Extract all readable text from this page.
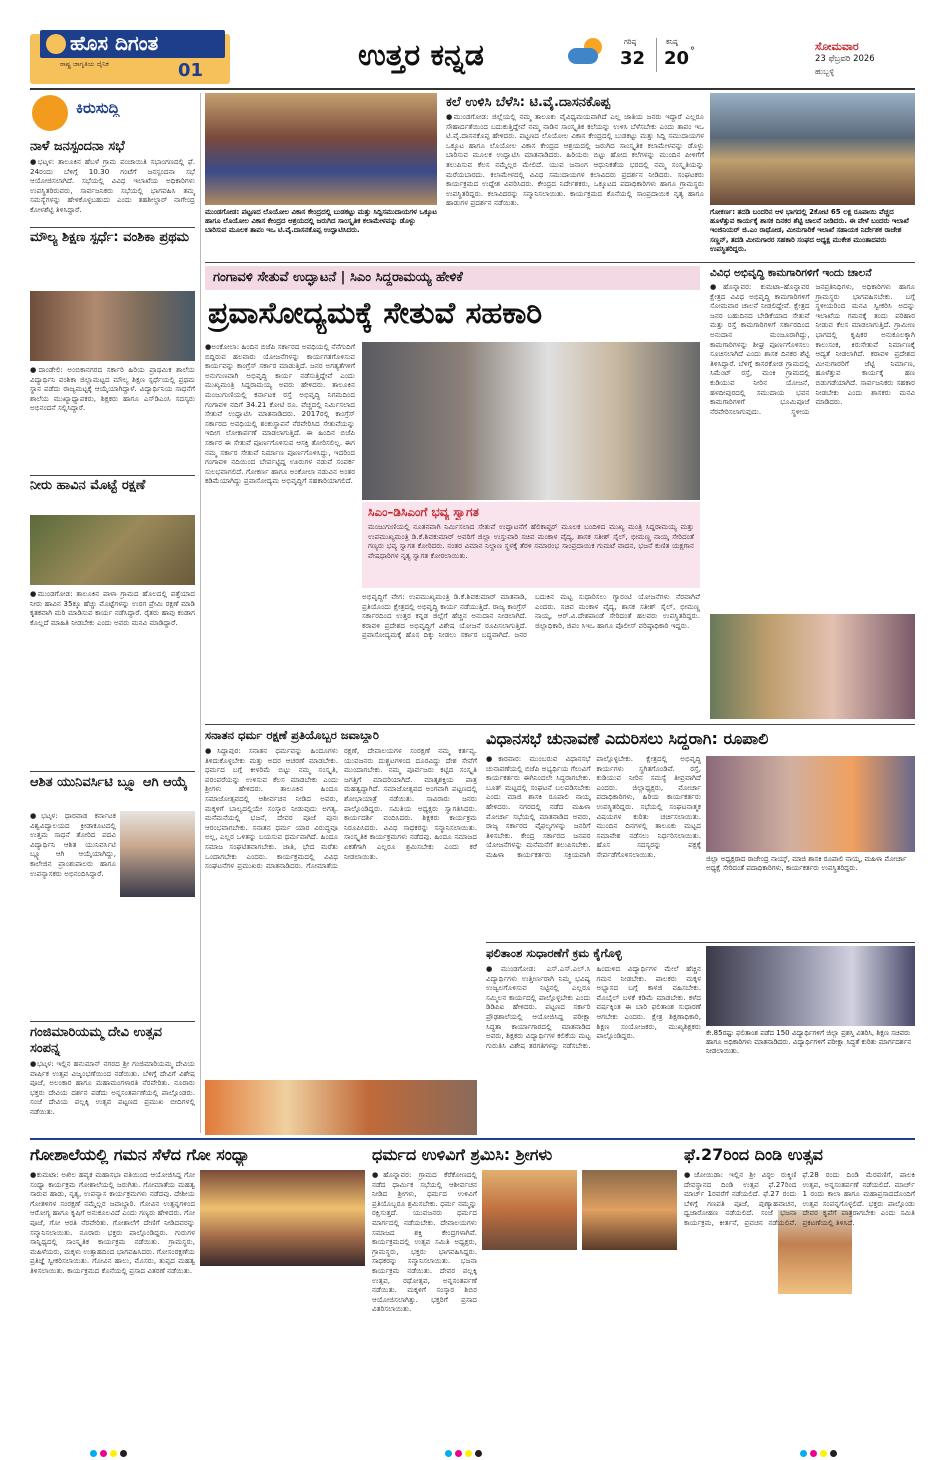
ಹೊಸ ದಿಗಂತ
ರಾಷ್ಟ್ರ ಜಾಗೃತಿಯ ದೈನಿಕ	01	ಉತ್ತರ ಕನ್ನಡ	ಗರಿಷ್ಠ
32
ಕನಿಷ್ಠ
20 °	ಸೋಮವಾರ
23 ಫೆಬ್ರವರಿ 2026
ಹುಬ್ಬಳ್ಳಿ
ಕಿರುಸುದ್ದಿ
ನಾಳೆ ಜನಸ್ಪಂದನಾ ಸಭೆ
●ಭಟ್ಕಳ: ತಾಲೂಕಿನ ಹೆಬಳೆ ಗ್ರಾಮ ಪಂಚಾಯಿತಿ ಸಭಾಂಗಣದಲ್ಲಿ ಫೆ. 24ರಂದು ಬೆಳಿಗ್ಗೆ 10.30 ಗಂಟೆಗೆ ಜನಸ್ಪಂದನಾ ಸಭೆ ಆಯೋಜಿಸಲಾಗಿದೆ. ಸಭೆಯಲ್ಲಿ ವಿವಿಧ ಇಲಾಖೆಯ ಅಧಿಕಾರಿಗಳು ಉಪಸ್ಥಿತರಿರುವರು, ಸಾರ್ವಜನಿಕರು ಸಭೆಯಲ್ಲಿ ಭಾಗವಹಿಸಿ ತಮ್ಮ ಸಮಸ್ಯೆಗಳನ್ನು ಹೇಳಿಕೊಳ್ಳಬಹುದು ಎಂದು ತಹಶೀಲ್ದಾರ್ ನಾಗೇಂದ್ರ ಕೋಳಶೆಟ್ಟಿ ತಿಳಿಸಿದ್ದಾರೆ.
ಮೌಲ್ಯ ಶಿಕ್ಷಣ ಸ್ಪರ್ಧೆ: ವಂಶಿಕಾ ಪ್ರಥಮ
●ದಾಂಡೇಲಿ: ಅಂಬಿಕಾನಗರದ ಸರ್ಕಾರಿ ಹಿರಿಯ ಪ್ರಾಥಮಿಕ ಶಾಲೆಯ ವಿದ್ಯಾರ್ಥಿನಿ ವಂಶಿಕಾ ಜಿಲ್ಲಾಮಟ್ಟದ ಮೌಲ್ಯ ಶಿಕ್ಷಣ ಸ್ಪರ್ಧೆಯಲ್ಲಿ ಪ್ರಥಮ ಸ್ಥಾನ ಪಡೆದು ರಾಜ್ಯಮಟ್ಟಕ್ಕೆ ಆಯ್ಕೆಯಾಗಿದ್ದಾಳೆ. ವಿದ್ಯಾರ್ಥಿನಿಯ ಸಾಧನೆಗೆ ಶಾಲೆಯ ಮುಖ್ಯಾಧ್ಯಾಪಕರು, ಶಿಕ್ಷಕರು ಹಾಗೂ ಎಸ್‌ಡಿಎಂಸಿ ಸದಸ್ಯರು ಅಭಿನಂದನೆ ಸಲ್ಲಿಸಿದ್ದಾರೆ.
ನೀರು ಹಾವಿನ ಮೊಟ್ಟೆ ರಕ್ಷಣೆ
●ಮುಂಡಗೋಡ: ತಾಲೂಕಿನ ಪಾಳಾ ಗ್ರಾಮದ ಹೊಲದಲ್ಲಿ ಪತ್ತೆಯಾದ ನೀರು ಹಾವಿನ 35ಕ್ಕೂ ಹೆಚ್ಚು ಮೊಟ್ಟೆಗಳನ್ನು ಉರಗ ಪ್ರೇಮಿ ರಕ್ಷಣೆ ಮಾಡಿ ಕೃತಕವಾಗಿ ಮರಿ ಮಾಡಿಸುವ ಕಾರ್ಯ ನಡೆಸಿದ್ದಾರೆ. ರೈತರು ಹಾವು ಕಂಡಾಗ ಕೊಲ್ಲದೆ ಮಾಹಿತಿ ನೀಡಬೇಕು ಎಂದು ಅವರು ಮನವಿ ಮಾಡಿದ್ದಾರೆ.
ಆಶಿತ ಯುನಿವರ್ಸಿಟಿ ಬ್ಲ್ಯೂ ಆಗಿ ಆಯ್ಕೆ
●ಭಟ್ಕಳ: ಧಾರವಾಡ ಕರ್ನಾಟಕ ವಿಶ್ವವಿದ್ಯಾಲಯದ ಕ್ರೀಡಾಕೂಟದಲ್ಲಿ ಉತ್ತಮ ಸಾಧನೆ ತೋರಿದ ಪದವಿ ವಿದ್ಯಾರ್ಥಿನಿ ಆಶಿತ ಯುನಿವರ್ಸಿಟಿ ಬ್ಲ್ಯೂ ಆಗಿ ಆಯ್ಕೆಯಾಗಿದ್ದು, ಕಾಲೇಜಿನ ಪ್ರಾಂಶುಪಾಲರು ಹಾಗೂ ಉಪನ್ಯಾಸಕರು ಅಭಿನಂದಿಸಿದ್ದಾರೆ.
ಗಂಜಿಮಾರಿಯಮ್ಮ ದೇವಿ ಉತ್ಸವ ಸಂಪನ್ನ
●ಭಟ್ಕಳ: ಇಲ್ಲಿನ ಹನುಮಾನ್ ನಗರದ ಶ್ರೀ ಗಂಜಿಮಾರಿಯಮ್ಮ ದೇವಿಯ ವಾರ್ಷಿಕ ಉತ್ಸವ ವಿಜೃಂಭಣೆಯಿಂದ ನಡೆಯಿತು. ಬೆಳಿಗ್ಗೆ ದೇವಿಗೆ ವಿಶೇಷ ಪೂಜೆ, ಅಲಂಕಾರ ಹಾಗೂ ಮಹಾಮಂಗಳಾರತಿ ನೆರವೇರಿತು. ನೂರಾರು ಭಕ್ತರು ದೇವಿಯ ದರ್ಶನ ಪಡೆದು ಅನ್ನಸಂತರ್ಪಣೆಯಲ್ಲಿ ಪಾಲ್ಗೊಂಡರು. ಸಂಜೆ ದೇವಿಯ ಪಲ್ಲಕ್ಕಿ ಉತ್ಸವ ಪಟ್ಟಣದ ಪ್ರಮುಖ ಬೀದಿಗಳಲ್ಲಿ ನಡೆಯಿತು.
ಮುಂಡಗೋಡ: ಪಟ್ಟಣದ ಲೊಯೋಲ ವಿಕಾಸ ಕೇಂದ್ರದಲ್ಲಿ ಬುಡಕಟ್ಟು ಮತ್ತು ಸಿದ್ದಿಸಮುದಾಯಗಳ ಒಕ್ಕೂಟ ಹಾಗೂ ಲೊಯೋಲ ವಿಕಾಸ ಕೇಂದ್ರದ ಆಶ್ರಯದಲ್ಲಿ ಜರುಗಿದ ಸಾಂಸ್ಕೃತಿಕ ಕಲಾಮೇಳವನ್ನು ಡೊಳ್ಳು ಬಾರಿಸುವ ಮೂಲಕ ತಾಪಂ ಇಒ ಟಿ.ವೈ.ದಾಸನಕೊಪ್ಪ ಉದ್ಘಾಟಿಸಿದರು.
ಕಲೆ ಉಳಿಸಿ ಬೆಳೆಸಿ: ಟಿ.ವೈ.ದಾಸನಕೊಪ್ಪ
●ಮುಂಡಗೋಡ: ಜಿಲ್ಲೆಯಲ್ಲಿ ನಮ್ಮ ತಾಲೂಕು ವೈವಿಧ್ಯಮಯವಾಗಿದೆ ಎಲ್ಲ ಜಾತಿಯ ಜನರು ಇದ್ದಾರೆ ಎಲ್ಲರೂ ಸೌಹಾರ್ದತೆಯಿಂದ ಬದುಕುತ್ತಿದ್ದೇವೆ ನಮ್ಮ ನಾಡಿನ ಸಾಂಸ್ಕೃತಿಕ ಕಲೆಯನ್ನು ಉಳಿಸಿ ಬೆಳೆಸಬೇಕು ಎಂದು ತಾಪಂ ಇಒ ಟಿ.ವೈ.ದಾಸನಕೊಪ್ಪ ಹೇಳಿದರು. ಪಟ್ಟಣದ ಲೊಯೋಲ ವಿಕಾಸ ಕೇಂದ್ರದಲ್ಲಿ ಬುಡಕಟ್ಟು ಮತ್ತು ಸಿದ್ದಿ ಸಮುದಾಯಗಳ ಒಕ್ಕೂಟ ಹಾಗೂ ಲೊಯೋಲ ವಿಕಾಸ ಕೇಂದ್ರದ ಆಶ್ರಯದಲ್ಲಿ ಜರುಗಿದ ಸಾಂಸ್ಕೃತಿಕ ಕಲಾಮೇಳವನ್ನು ಡೊಳ್ಳು ಬಾರಿಸುವ ಮೂಲಕ ಉದ್ಘಾಟಿಸಿ ಮಾತನಾಡಿದರು. ಹಿರಿಯರು ಬಿಟ್ಟು ಹೋದ ಕಲೆಗಳನ್ನು ಮುಂದಿನ ಪೀಳಿಗೆಗೆ ತಲುಪಿಸುವ ಕೆಲಸ ನಮ್ಮೆಲ್ಲರ ಮೇಲಿದೆ. ಯುವ ಜನಾಂಗ ಆಧುನಿಕತೆಯ ಭರದಲ್ಲಿ ನಮ್ಮ ಸಂಸ್ಕೃತಿಯನ್ನು ಮರೆಯಬಾರದು. ಕಲಾಮೇಳದಲ್ಲಿ ವಿವಿಧ ಸಮುದಾಯಗಳ ಕಲಾವಿದರು ಪ್ರದರ್ಶನ ನೀಡಿದರು. ಸಂಘಟಕರು ಕಾರ್ಯಕ್ರಮದ ಉದ್ದೇಶ ವಿವರಿಸಿದರು. ಕೇಂದ್ರದ ನಿರ್ದೇಶಕರು, ಒಕ್ಕೂಟದ ಪದಾಧಿಕಾರಿಗಳು ಹಾಗೂ ಗ್ರಾಮಸ್ಥರು ಉಪಸ್ಥಿತರಿದ್ದರು. ಕಲಾವಿದರನ್ನು ಸನ್ಮಾನಿಸಲಾಯಿತು. ಕಾರ್ಯಕ್ರಮದ ಕೊನೆಯಲ್ಲಿ ಸಾಂಪ್ರದಾಯಿಕ ನೃತ್ಯ ಹಾಗೂ ಹಾಡುಗಳ ಪ್ರದರ್ಶನ ನಡೆಯಿತು.
ಗೋಕರ್ಣ: ತದಡಿ ಬಂದರಿನ ಆಳ ಭಾಗದಲ್ಲಿ 2ಕೋಟಿ 65 ಲಕ್ಷ ರೂಪಾಯಿ ವೆಚ್ಚದ ಹೂಳೆತ್ತುವ ಕಾರ್ಯಕ್ಕೆ ಶಾಸಕ ದಿನಕರ ಶೆಟ್ಟಿ ಚಾಲನೆ ನೀಡಿದರು. ಈ ವೇಳೆ ಬಂದರು ಇಲಾಖೆ ಇಂಜಿನಿಯರ್ ಜಿ.ಎಂ ರಾಥೋಡ, ಮೀನುಗಾರಿಕೆ ಇಲಾಖೆ ಸಹಾಯಕ ನಿರ್ದೇಶಕ ರಾಜೇಶ ಸಣ್ಣನ್, ತದಡಿ ಮೀನುಗಾರರ ಸಹಕಾರಿ ಸಂಘದ ಅಧ್ಯಕ್ಷ ಮುಕೇಶ ಮುಂತಾದವರು ಉಪಸ್ಥಿತರಿದ್ದರು.
ಗಂಗಾವಳಿ ಸೇತುವೆ ಉದ್ಘಾಟನೆ | ಸಿಎಂ ಸಿದ್ದರಾಮಯ್ಯ ಹೇಳಿಕೆ
ಪ್ರವಾಸೋದ್ಯಮಕ್ಕೆ ಸೇತುವೆ ಸಹಕಾರಿ
●ಅಂಕೋಲಾ: ಹಿಂದಿನ ಬಿಜೆಪಿ ಸರ್ಕಾರದ ಅವಧಿಯಲ್ಲಿ ನೆನೆಗುದಿಗೆ ಬಿದ್ದಿರುವ ಹಲವಾರು ಯೋಜನೆಗಳನ್ನು ಕಾರ್ಯಗತಗೊಳಿಸುವ ಕಾರ್ಯವನ್ನು ಕಾಂಗ್ರೆಸ್ ಸರ್ಕಾರ ಮಾಡುತ್ತಿದೆ. ಜನರ ಅಗತ್ಯತೆಗಳಿಗೆ ಅನುಗುಣವಾಗಿ ಅಭಿವೃದ್ಧಿ ಕಾರ್ಯ ನಡೆಸುತ್ತಿದ್ದೇವೆ ಎಂದು ಮುಖ್ಯಮಂತ್ರಿ ಸಿದ್ದರಾಮಯ್ಯ ಅವರು ಹೇಳಿದರು. ತಾಲೂಕಿನ ಮಂಜುಗುಣಿಯಲ್ಲಿ ಕರ್ನಾಟಕ ರಸ್ತೆ ಅಭಿವೃದ್ಧಿ ನಿಗಮದಿಂದ ಗಂಗಾವಳಿ ನದಿಗೆ 34.21 ಕೋಟಿ ರೂ. ವೆಚ್ಚದಲ್ಲಿ ನಿರ್ಮಿಸಲಾದ ಸೇತುವೆ ಉದ್ಘಾಟಿಸಿ ಮಾತನಾಡಿದರು. 2017ರಲ್ಲಿ ಕಾಂಗ್ರೆಸ್ ಸರ್ಕಾರದ ಅವಧಿಯಲ್ಲಿ ಶಂಕುಸ್ಥಾಪನೆ ನೆರವೇರಿಸಿದ ಸೇತುವೆಯನ್ನು ಇದೀಗ ಲೋಕಾರ್ಪಣೆ ಮಾಡಲಾಗುತ್ತಿದೆ. ಈ ಹಿಂದಿನ ಬಿಜೆಪಿ ಸರ್ಕಾರ ಈ ಸೇತುವೆ ಪೂರ್ಣಗೊಳಿಸುವ ಆಸಕ್ತಿ ತೋರಿಸಲಿಲ್ಲ. ಈಗ ನಮ್ಮ ಸರ್ಕಾರ ಸೇತುವೆ ನಿರ್ಮಾಣ ಪೂರ್ಣಗೊಳಿಸಿದ್ದು, ಇದರಿಂದ ಗಂಗಾವಳಿ ನದಿಯಿಂದ ಬೇರ್ಪಟ್ಟಿದ್ದ ಊರುಗಳ ನಡುವೆ ಸಂಪರ್ಕ ಸುಲಭವಾಗಲಿದೆ. ಗೋಕರ್ಣ ಹಾಗೂ ಅಂಕೋಲಾ ನಡುವಿನ ಅಂತರ ಕಡಿಮೆಯಾಗಿದ್ದು ಪ್ರವಾಸೋದ್ಯಮ ಅಭಿವೃದ್ಧಿಗೆ ಸಹಕಾರಿಯಾಗಲಿದೆ.
ಸಿಎಂ–ಡಿಸಿಎಂಗೆ ಭವ್ಯ ಸ್ವಾಗತ
ಮಂಜುಗುಣಿಯಲ್ಲಿ ನೂತನವಾಗಿ ನಿರ್ಮಿಸಲಾದ ಸೇತುವೆ ಉದ್ಘಾಟನೆಗೆ ಹೆಲಿಕಾಪ್ಟರ್ ಮೂಲಕ ಬಂದಿಳಿದ ಮುಖ್ಯ ಮಂತ್ರಿ ಸಿದ್ದರಾಮಯ್ಯ ಮತ್ತು ಉಪಮುಖ್ಯಮಂತ್ರಿ ಡಿ.ಕೆ.ಶಿವಕುಮಾರ್ ಅವರಿಗೆ ಜಿಲ್ಲಾ ಉಸ್ತುವಾರಿ ಸಚಿವ ಮಂಕಾಳ ವೈದ್ಯ, ಶಾಸಕ ಸತೀಶ್ ಸೈಲ್, ಭೀಮಣ್ಣ ನಾಯ್ಕ ಸೇರಿದಂತೆ ಗಣ್ಯರು ಭವ್ಯ ಸ್ವಾಗತ ಕೋರಿದರು. ನಂತರ ವಿಮಾನ ನಿಲ್ದಾಣ ಸ್ಥಳಕ್ಕೆ ತೆರಳಿ ಸಮಾರಂಭ ಸಾಂಪ್ರದಾಯಿಕ ಗುಮಟೆ ವಾದನ, ಭಜನೆ ಕುಣಿತ ಯಕ್ಷಗಾನ ವೇಷಧಾರಿಗಳ ನೃತ್ಯ ಸ್ವಾಗತ ಕೋರಲಾಯಿತು.
ಅಭಿವೃದ್ಧಿಗೆ ವೇಗ: ಉಪಮುಖ್ಯಮಂತ್ರಿ ಡಿ.ಕೆ.ಶಿವಕುಮಾರ್ ಮಾತನಾಡಿ, ಪ್ರತಿಯೊಂದು ಕ್ಷೇತ್ರದಲ್ಲಿ ಅಭಿವೃದ್ಧಿ ಕಾರ್ಯ ನಡೆಯುತ್ತಿದೆ. ರಾಜ್ಯ ಕಾಂಗ್ರೆಸ್ ಸರ್ಕಾರದಿಂದ ಉತ್ತರ ಕನ್ನಡ ಜಿಲ್ಲೆಗೆ ಹೆಚ್ಚಿನ ಅನುದಾನ ನೀಡಲಾಗಿದೆ. ಕರಾವಳಿ ಪ್ರದೇಶದ ಅಭಿವೃದ್ಧಿಗೆ ವಿಶೇಷ ಯೋಜನೆ ರೂಪಿಸಲಾಗುತ್ತಿದೆ. ಪ್ರವಾಸೋದ್ಯಮಕ್ಕೆ ಹೊಸ ದಿಕ್ಕು ನೀಡಲು ಸರ್ಕಾರ ಬದ್ಧವಾಗಿದೆ. ಜನರ ಬದುಕಿನ ಮಟ್ಟ ಸುಧಾರಿಸಲು ಗ್ಯಾರಂಟಿ ಯೋಜನೆಗಳು ನೆರವಾಗಿವೆ ಎಂದರು. ಸಚಿವ ಮಂಕಾಳ ವೈದ್ಯ, ಶಾಸಕ ಸತೀಶ್ ಸೈಲ್, ಭೀಮಣ್ಣ ನಾಯ್ಕ, ಆರ್.ವಿ.ದೇಶಪಾಂಡೆ ಸೇರಿದಂತೆ ಹಲವರು ಉಪಸ್ಥಿತರಿದ್ದರು. ಜಿಲ್ಲಾಧಿಕಾರಿ, ಜಿಪಂ ಸಿಇಒ ಹಾಗೂ ಪೊಲೀಸ್ ವರಿಷ್ಠಾಧಿಕಾರಿ ಇದ್ದರು.
ವಿವಿಧ ಅಭಿವೃದ್ಧಿ ಕಾಮಗಾರಿಗಳಿಗೆ ಇಂದು ಚಾಲನೆ
●ಹೊನ್ನಾವರ: ಕುಮಟಾ–ಹೊನ್ನಾವರ ಕ್ಷೇತ್ರದ ವಿವಿಧ ಅಭಿವೃದ್ಧಿ ಕಾಮಗಾರಿಗಳಿಗೆ ಸೋಮವಾರ ಚಾಲನೆ ನೀಡಲಿದ್ದೇವೆ. ಕ್ಷೇತ್ರದ ಜನರ ಬಹುದಿನದ ಬೇಡಿಕೆಯಾದ ಸೇತುವೆ ಮತ್ತು ರಸ್ತೆ ಕಾಮಗಾರಿಗಳಿಗೆ ಸರ್ಕಾರದಿಂದ ಅನುದಾನ ಮಂಜೂರಾಗಿದ್ದು, ಕಾಮಗಾರಿಗಳನ್ನು ಶೀಘ್ರ ಪೂರ್ಣಗೊಳಿಸಲು ಸೂಚಿಸಲಾಗಿದೆ ಎಂದು ಶಾಸಕ ದಿನಕರ ಶೆಟ್ಟಿ ತಿಳಿಸಿದ್ದಾರೆ. ಬೆಳಿಗ್ಗೆ ಕಾಸರಕೋಡ ಗ್ರಾಮದಲ್ಲಿ ಸಿಮೆಂಟ್ ರಸ್ತೆ, ಮಂಕಿ ಗ್ರಾಮದಲ್ಲಿ ಕುಡಿಯುವ ನೀರಿನ ಯೋಜನೆ, ಹಳದೀಪುರದಲ್ಲಿ ಸಮುದಾಯ ಭವನ ಕಾಮಗಾರಿಗಳಿಗೆ ಭೂಮಿಪೂಜೆ ನೆರವೇರಿಸಲಾಗುವುದು. ಸ್ಥಳೀಯ ಜನಪ್ರತಿನಿಧಿಗಳು, ಅಧಿಕಾರಿಗಳು ಹಾಗೂ ಗ್ರಾಮಸ್ಥರು ಭಾಗವಹಿಸಬೇಕು. ಬಗ್ಗೆ ಸ್ಥಳೀಯರಿಂದ ಮನವಿ ಸ್ವೀಕರಿಸಿ ಅದನ್ನು ಇಲಾಖೆಯ ಗಮನಕ್ಕೆ ತಂದು ಪರಿಹಾರ ನೀಡುವ ಕೆಲಸ ಮಾಡಲಾಗುತ್ತಿದೆ. ಗ್ರಾಮೀಣ ಭಾಗದಲ್ಲಿ ಕೃಷಿಕರ ಅನುಕೂಲಕ್ಕಾಗಿ ಕಾಲುಸಂಕ, ಕಿರುಸೇತುವೆ ನಿರ್ಮಾಣಕ್ಕೆ ಆದ್ಯತೆ ನೀಡಲಾಗಿದೆ. ಕರಾವಳಿ ಪ್ರದೇಶದ ಮೀನುಗಾರರಿಗೆ ಜೆಟ್ಟಿ ನಿರ್ಮಾಣ, ಹೂಳೆತ್ತುವ ಕಾರ್ಯಕ್ಕೆ ಹಣ ಬಿಡುಗಡೆಯಾಗಿದೆ. ಸಾರ್ವಜನಿಕರು ಸಹಕಾರ ನೀಡಬೇಕು ಎಂದು ಶಾಸಕರು ಮನವಿ ಮಾಡಿದರು.
ಸನಾತನ ಧರ್ಮ ರಕ್ಷಣೆ ಪ್ರತಿಯೊಬ್ಬರ ಜವಾಬ್ದಾರಿ
●ಸಿದ್ದಾಪುರ: ಸನಾತನ ಧರ್ಮವನ್ನು ಹಿಂದೂಗಳು ತಿಳಿದುಕೊಳ್ಳಬೇಕು ಮತ್ತು ಅದರ ಆಚರಣೆ ಮಾಡಬೇಕು. ಧರ್ಮದ ಬಗ್ಗೆ ಕೀಳರಿಮೆ ಬಿಟ್ಟು ನಮ್ಮ ಸಂಸ್ಕೃತಿ, ಪರಂಪರೆಯನ್ನು ಉಳಿಸುವ ಕೆಲಸ ಮಾಡಬೇಕು ಎಂದು ಶ್ರೀಗಳು ಹೇಳಿದರು. ತಾಲೂಕಿನ ಹಿಂದೂ ಸಮಾಜೋತ್ಸವದಲ್ಲಿ ಆಶೀರ್ವಚನ ನೀಡಿದ ಅವರು, ಮಕ್ಕಳಿಗೆ ಬಾಲ್ಯದಲ್ಲಿಯೇ ಸಂಸ್ಕಾರ ನೀಡುವುದು ಅಗತ್ಯ. ಮನೆಮನೆಯಲ್ಲಿ ಭಜನೆ, ದೇವರ ಪೂಜೆ ಪುನಃ ಆರಂಭವಾಗಬೇಕು. ಸನಾತನ ಧರ್ಮ ಯಾರ ವಿರುದ್ಧವೂ ಅಲ್ಲ, ಎಲ್ಲರ ಒಳಿತನ್ನು ಬಯಸುವ ಧರ್ಮವಾಗಿದೆ. ಹಿಂದೂ ಸಮಾಜ ಸಂಘಟಿತವಾಗಬೇಕು. ಜಾತಿ, ಭೇದ ಮರೆತು ಒಂದಾಗಬೇಕು ಎಂದರು. ಕಾರ್ಯಕ್ರಮದಲ್ಲಿ ವಿವಿಧ ಸಂಘಟನೆಗಳ ಪ್ರಮುಖರು ಮಾತನಾಡಿದರು. ಗೋಮಾತೆಯ ರಕ್ಷಣೆ, ದೇವಾಲಯಗಳ ಸಂರಕ್ಷಣೆ ನಮ್ಮ ಕರ್ತವ್ಯ. ಯುವಜನರು ದುಶ್ಚಟಗಳಿಂದ ದೂರವಿದ್ದು ದೇಶ ಸೇವೆಗೆ ಮುಂದಾಗಬೇಕು. ನಮ್ಮ ಪೂರ್ವಜರು ಕಟ್ಟಿದ ಸಂಸ್ಕೃತಿ ಜಗತ್ತಿಗೆ ಮಾದರಿಯಾಗಿದೆ. ಮಾತೃಶಕ್ತಿಯ ಪಾತ್ರ ಮಹತ್ವದ್ದಾಗಿದೆ. ಸಮಾಜೋತ್ಸವದ ಅಂಗವಾಗಿ ಪಟ್ಟಣದಲ್ಲಿ ಶೋಭಾಯಾತ್ರೆ ನಡೆಯಿತು. ಸಾವಿರಾರು ಜನರು ಪಾಲ್ಗೊಂಡಿದ್ದರು. ಸಮಿತಿಯ ಅಧ್ಯಕ್ಷರು ಸ್ವಾಗತಿಸಿದರು. ಕಾರ್ಯದರ್ಶಿ ವಂದಿಸಿದರು. ಶಿಕ್ಷಕರು ಕಾರ್ಯಕ್ರಮ ನಿರೂಪಿಸಿದರು. ವಿವಿಧ ಸಾಧಕರನ್ನು ಸನ್ಮಾನಿಸಲಾಯಿತು. ಸಾಂಸ್ಕೃತಿಕ ಕಾರ್ಯಕ್ರಮಗಳು ನಡೆದವು. ಹಿಂದೂ ಸಮಾಜದ ಏಕತೆಗಾಗಿ ಎಲ್ಲರೂ ಶ್ರಮಿಸಬೇಕು ಎಂದು ಕರೆ ನೀಡಲಾಯಿತು.
ವಿಧಾನಸಭೆ ಚುನಾವಣೆ ಎದುರಿಸಲು ಸಿದ್ಧರಾಗಿ: ರೂಪಾಲಿ
●ಕಾರವಾರ: ಮುಂಬರುವ ವಿಧಾನಸಭೆ ಚುನಾವಣೆಯಲ್ಲಿ ಬಿಜೆಪಿ ಅಭ್ಯರ್ಥಿಯ ಗೆಲುವಿಗೆ ಕಾರ್ಯಕರ್ತರು ಈಗಿನಿಂದಲೇ ಸಿದ್ಧರಾಗಬೇಕು. ಬೂತ್ ಮಟ್ಟದಲ್ಲಿ ಸಂಘಟನೆ ಬಲಪಡಿಸಬೇಕು ಎಂದು ಮಾಜಿ ಶಾಸಕಿ ರೂಪಾಲಿ ನಾಯ್ಕ ಹೇಳಿದರು. ನಗರದಲ್ಲಿ ನಡೆದ ಮಹಿಳಾ ಮೋರ್ಚಾ ಸಭೆಯಲ್ಲಿ ಮಾತನಾಡಿದ ಅವರು, ರಾಜ್ಯ ಸರ್ಕಾರದ ವೈಫಲ್ಯಗಳನ್ನು ಜನರಿಗೆ ತಿಳಿಸಬೇಕು. ಕೇಂದ್ರ ಸರ್ಕಾರದ ಜನಪರ ಯೋಜನೆಗಳನ್ನು ಮನೆಮನೆಗೆ ತಲುಪಿಸಬೇಕು. ಮಹಿಳಾ ಕಾರ್ಯಕರ್ತರು ಸಕ್ರಿಯವಾಗಿ ಪಾಲ್ಗೊಳ್ಳಬೇಕು. ಕ್ಷೇತ್ರದಲ್ಲಿ ಅಭಿವೃದ್ಧಿ ಕಾರ್ಯಗಳು ಸ್ಥಗಿತಗೊಂಡಿವೆ. ರಸ್ತೆ, ಕುಡಿಯುವ ನೀರಿನ ಸಮಸ್ಯೆ ತೀವ್ರವಾಗಿದೆ ಎಂದರು. ಜಿಲ್ಲಾಧ್ಯಕ್ಷರು, ಮೋರ್ಚಾ ಪದಾಧಿಕಾರಿಗಳು, ಹಿರಿಯ ಕಾರ್ಯಕರ್ತರು ಉಪಸ್ಥಿತರಿದ್ದರು. ಸಭೆಯಲ್ಲಿ ಸಂಘಟನಾತ್ಮಕ ವಿಷಯಗಳ ಕುರಿತು ಚರ್ಚಿಸಲಾಯಿತು. ಮುಂದಿನ ದಿನಗಳಲ್ಲಿ ತಾಲೂಕು ಮಟ್ಟದ ಸಮಾವೇಶ ನಡೆಸಲು ನಿರ್ಧರಿಸಲಾಯಿತು. ಹೊಸ ಸದಸ್ಯರನ್ನು ಪಕ್ಷಕ್ಕೆ ಸೇರ್ಪಡೆಗೊಳಿಸಲಾಯಿತು.
ಜಿಲ್ಲಾ ಅಧ್ಯಕ್ಷರಾದ ರಾಜೇಂದ್ರ ನಾಯ್ಕ್, ಮಾಜಿ ಶಾಸಕಿ ರೂಪಾಲಿ ನಾಯ್ಕ, ಮಹಿಳಾ ಮೋರ್ಚಾ ಅಧ್ಯಕ್ಷೆ ಸೇರಿದಂತೆ ಪದಾಧಿಕಾರಿಗಳು, ಕಾರ್ಯಕರ್ತರು ಉಪಸ್ಥಿತರಿದ್ದರು.
ಫಲಿತಾಂಶ ಸುಧಾರಣೆಗೆ ಕ್ರಮ ಕೈಗೊಳ್ಳಿ
●ಮುಂಡಗೋಡ: ಎಸ್.ಎಸ್.ಎಲ್.ಸಿ ವಿದ್ಯಾರ್ಥಿಗಳು ಉತ್ತೀರ್ಣರಾಗಿ ನಿಮ್ಮ ಭವಿಷ್ಯ ಉಜ್ವಲಗೊಳಿಸುವ ನಿಟ್ಟಿನಲ್ಲಿ ಎಲ್ಲರೂ ಸಮ್ಮಿಲನ ಕಾರ್ಯದಲ್ಲಿ ಪಾಲ್ಗೊಳ್ಳಬೇಕು ಎಂದು ಡಿಡಿಪಿಐ ಹೇಳಿದರು. ಪಟ್ಟಣದ ಸರ್ಕಾರಿ ಪ್ರೌಢಶಾಲೆಯಲ್ಲಿ ಆಯೋಜಿಸಿದ್ದ ಪರೀಕ್ಷಾ ಸಿದ್ಧತಾ ಕಾರ್ಯಾಗಾರದಲ್ಲಿ ಮಾತನಾಡಿದ ಅವರು, ಶಿಕ್ಷಕರು ವಿದ್ಯಾರ್ಥಿಗಳ ಕಲಿಕೆಯ ಮಟ್ಟ ಗುರುತಿಸಿ ವಿಶೇಷ ತರಗತಿಗಳನ್ನು ನಡೆಸಬೇಕು. ಹಿಂದುಳಿದ ವಿದ್ಯಾರ್ಥಿಗಳ ಮೇಲೆ ಹೆಚ್ಚಿನ ಗಮನ ನೀಡಬೇಕು. ಪಾಲಕರು ಮಕ್ಕಳ ಅಭ್ಯಾಸದ ಬಗ್ಗೆ ಕಾಳಜಿ ವಹಿಸಬೇಕು. ಮೊಬೈಲ್ ಬಳಕೆ ಕಡಿಮೆ ಮಾಡಬೇಕು. ಕಳೆದ ವರ್ಷಕ್ಕಿಂತ ಈ ಬಾರಿ ಫಲಿತಾಂಶ ಸುಧಾರಣೆ ಆಗಬೇಕು ಎಂದರು. ಕ್ಷೇತ್ರ ಶಿಕ್ಷಣಾಧಿಕಾರಿ, ಶಿಕ್ಷಣ ಸಂಯೋಜಕರು, ಮುಖ್ಯಶಿಕ್ಷಕರು ಪಾಲ್ಗೊಂಡಿದ್ದರು.	ಕೇ.85ರಷ್ಟು ಫಲಿತಾಂಶ ಪಡೆದ 150 ವಿದ್ಯಾರ್ಥಿಗಳಿಗೆ ಜಿಲ್ಲಾ ಪ್ರಶಸ್ತಿ ವಿತರಿಸಿ, ಶಿಕ್ಷಣ ಸಚಿವರು ಹಾಗೂ ಅಧಿಕಾರಿಗಳು ಮಾತನಾಡಿದರು. ವಿದ್ಯಾರ್ಥಿಗಳಿಗೆ ಪರೀಕ್ಷಾ ಸಿದ್ಧತೆ ಕುರಿತು ಮಾರ್ಗದರ್ಶನ ನೀಡಲಾಯಿತು.
ಗೋಶಾಲೆಯಲ್ಲಿ ಗಮನ ಸೆಳೆದ ಗೋ ಸಂಧ್ಯಾ
●ಕುಮಟಾ: ಅಖಿಲ ಹವ್ಯಕ ಮಹಾಸಭಾ ವತಿಯಿಂದ ಆಯೋಜಿಸಿದ್ದ ಗೋ ಸಂಧ್ಯಾ ಕಾರ್ಯಕ್ರಮ ಗೋಶಾಲೆಯಲ್ಲಿ ಜರುಗಿತು. ಗೋಮಾತೆಯ ಮಹತ್ವ ಸಾರುವ ಹಾಡು, ನೃತ್ಯ, ಉಪನ್ಯಾಸ ಕಾರ್ಯಕ್ರಮಗಳು ನಡೆದವು. ದೇಶೀಯ ಗೋತಳಿಗಳ ಸಂರಕ್ಷಣೆ ನಮ್ಮೆಲ್ಲರ ಜವಾಬ್ದಾರಿ. ಗೋವಿನ ಉತ್ಪನ್ನಗಳಿಂದ ಆರೋಗ್ಯ ಹಾಗೂ ಕೃಷಿಗೆ ಅನುಕೂಲವಿದೆ ಎಂದು ಗಣ್ಯರು ಹೇಳಿದರು. ಗೋ ಪೂಜೆ, ಗೋ ಆರತಿ ನೆರವೇರಿತು. ಗೋಶಾಲೆಗೆ ದೇಣಿಗೆ ನೀಡಿದವರನ್ನು ಸನ್ಮಾನಿಸಲಾಯಿತು. ನೂರಾರು ಭಕ್ತರು ಪಾಲ್ಗೊಂಡಿದ್ದರು. ಗುರುಗಳ ಸಾನ್ನಿಧ್ಯದಲ್ಲಿ ಸಾಂಸ್ಕೃತಿಕ ಕಾರ್ಯಕ್ರಮ ನಡೆಯಿತು. ಗ್ರಾಮಸ್ಥರು, ಮಹಿಳೆಯರು, ಮಕ್ಕಳು ಉತ್ಸಾಹದಿಂದ ಭಾಗವಹಿಸಿದರು. ಗೋಸಂರಕ್ಷಣೆಯ ಪ್ರತಿಜ್ಞೆ ಸ್ವೀಕರಿಸಲಾಯಿತು. ಗೋವಿನ ಹಾಲು, ಮೊಸರು, ತುಪ್ಪದ ಮಹತ್ವ ತಿಳಿಸಲಾಯಿತು. ಕಾರ್ಯಕ್ರಮದ ಕೊನೆಯಲ್ಲಿ ಪ್ರಸಾದ ವಿತರಣೆ ನಡೆಯಿತು.
ಧರ್ಮದ ಉಳಿವಿಗೆ ಶ್ರಮಿಸಿ: ಶ್ರೀಗಳು
●ಹೊನ್ನಾವರ: ಗ್ರಾಮದ ಕೆರೆಕೋಣದಲ್ಲಿ ನಡೆದ ಧಾರ್ಮಿಕ ಸಭೆಯಲ್ಲಿ ಆಶೀರ್ವಚನ ನೀಡಿದ ಶ್ರೀಗಳು, ಧರ್ಮದ ಉಳಿವಿಗೆ ಪ್ರತಿಯೊಬ್ಬರೂ ಶ್ರಮಿಸಬೇಕು. ಧರ್ಮ ನಮ್ಮನ್ನು ರಕ್ಷಿಸುತ್ತದೆ. ಯುವಜನರು ಧರ್ಮದ ಮಾರ್ಗದಲ್ಲಿ ನಡೆಯಬೇಕು. ದೇವಾಲಯಗಳು ಸಮಾಜದ ಶಕ್ತಿ ಕೇಂದ್ರಗಳಾಗಿವೆ. ಕಾರ್ಯಕ್ರಮದಲ್ಲಿ ಉತ್ಸವ ಸಮಿತಿ ಅಧ್ಯಕ್ಷರು, ಗ್ರಾಮಸ್ಥರು, ಭಕ್ತರು ಭಾಗವಹಿಸಿದ್ದರು. ಸಾಧಕರನ್ನು ಸನ್ಮಾನಿಸಲಾಯಿತು. ಭಜನಾ ಕಾರ್ಯಕ್ರಮ ನಡೆಯಿತು. ದೇವರ ಪಲ್ಲಕ್ಕಿ ಉತ್ಸವ, ರಥೋತ್ಸವ, ಅನ್ನಸಂತರ್ಪಣೆ ನಡೆಯಿತು. ಮಕ್ಕಳಿಗೆ ಸಂಸ್ಕಾರ ಶಿಬಿರ ಆಯೋಜಿಸಲಾಗಿತ್ತು. ಭಕ್ತರಿಗೆ ಪ್ರಸಾದ ವಿತರಿಸಲಾಯಿತು.
ಫೆ.27ರಿಂದ ದಿಂಡಿ ಉತ್ಸವ
●ಜೋಯಿಡಾ: ಇಲ್ಲಿನ ಶ್ರೀ ವಿಠ್ಠಲ ರುಕ್ಮಿಣಿ ದೇವಸ್ಥಾನದ ದಿಂಡಿ ಉತ್ಸವ ಫೆ.27ರಿಂದ ಮಾರ್ಚ್ 1ರವರೆಗೆ ನಡೆಯಲಿದೆ. ಫೆ.27 ರಂದು ಬೆಳಿಗ್ಗೆ ಗಣಪತಿ ಪೂಜೆ, ಪುಣ್ಯಾಹವಾಚನ, ಧ್ವಜಾರೋಹಣ ನಡೆಯಲಿದೆ. ಸಂಜೆ ಭಜನಾ ಕಾರ್ಯಕ್ರಮ, ಕೀರ್ತನೆ, ಪ್ರವಚನ ನಡೆಯಲಿವೆ. ಫೆ.28 ರಂದು ದಿಂಡಿ ಮೆರವಣಿಗೆ, ಪಾಲಕಿ ಉತ್ಸವ, ಅನ್ನಸಂತರ್ಪಣೆ ನಡೆಯಲಿದೆ. ಮಾರ್ಚ್ 1 ರಂದು ಕಾಲಾ ಹಾಗೂ ಮಹಾಪ್ರಸಾದದೊಂದಿಗೆ ಉತ್ಸವ ಸಂಪನ್ನಗೊಳ್ಳಲಿದೆ. ಭಕ್ತರು ಪಾಲ್ಗೊಂಡು ದೇವರ ಕೃಪೆಗೆ ಪಾತ್ರರಾಗಬೇಕು ಎಂದು ಸಮಿತಿ ಪ್ರಕಟಣೆಯಲ್ಲಿ ತಿಳಿಸಿದೆ.
